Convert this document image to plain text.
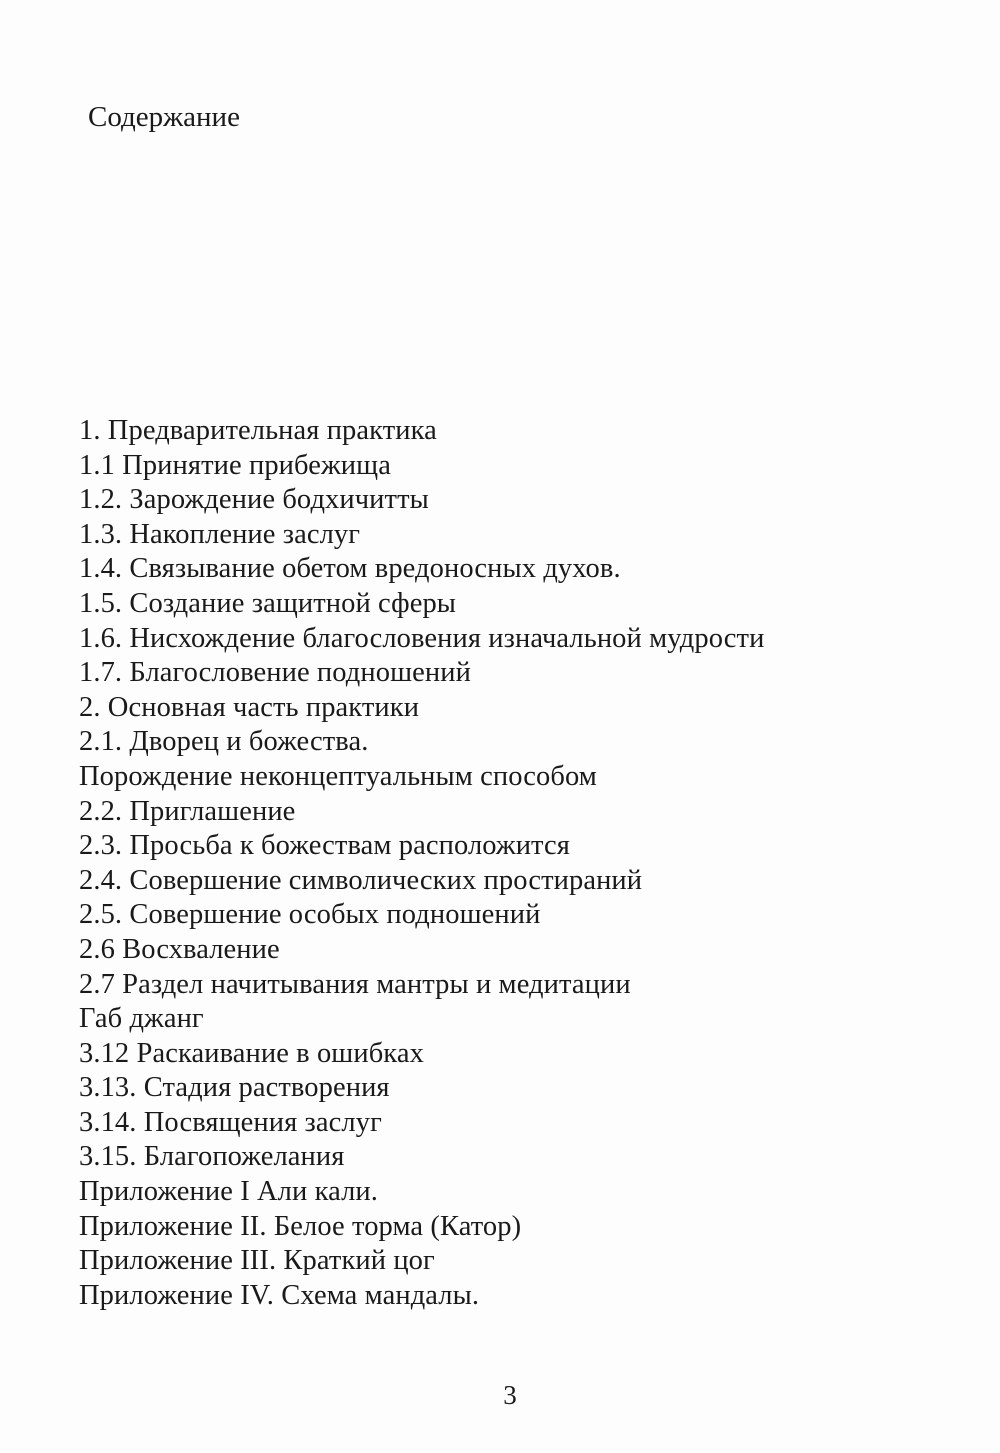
Содержание
1. Предварительная практика
1.1 Принятие прибежища
1.2. Зарождение бодхичитты
1.3. Накопление заслуг
1.4. Связывание обетом вредоносных духов.
1.5. Создание защитной сферы
1.6. Нисхождение благословения изначальной мудрости
1.7. Благословение подношений
2. Основная часть практики
2.1. Дворец и божества.
Порождение неконцептуальным способом
2.2. Приглашение
2.3. Просьба к божествам расположится
2.4. Совершение символических простираний
2.5. Совершение особых подношений
2.6 Восхваление
2.7 Раздел начитывания мантры и медитации
Габ джанг
3.12 Раскаивание в ошибках
3.13. Стадия растворения
3.14. Посвящения заслуг
3.15. Благопожелания
Приложение I Али кали.
Приложение II. Белое торма (Катор)
Приложение III. Краткий цог
Приложение IV. Схема мандалы.
3
